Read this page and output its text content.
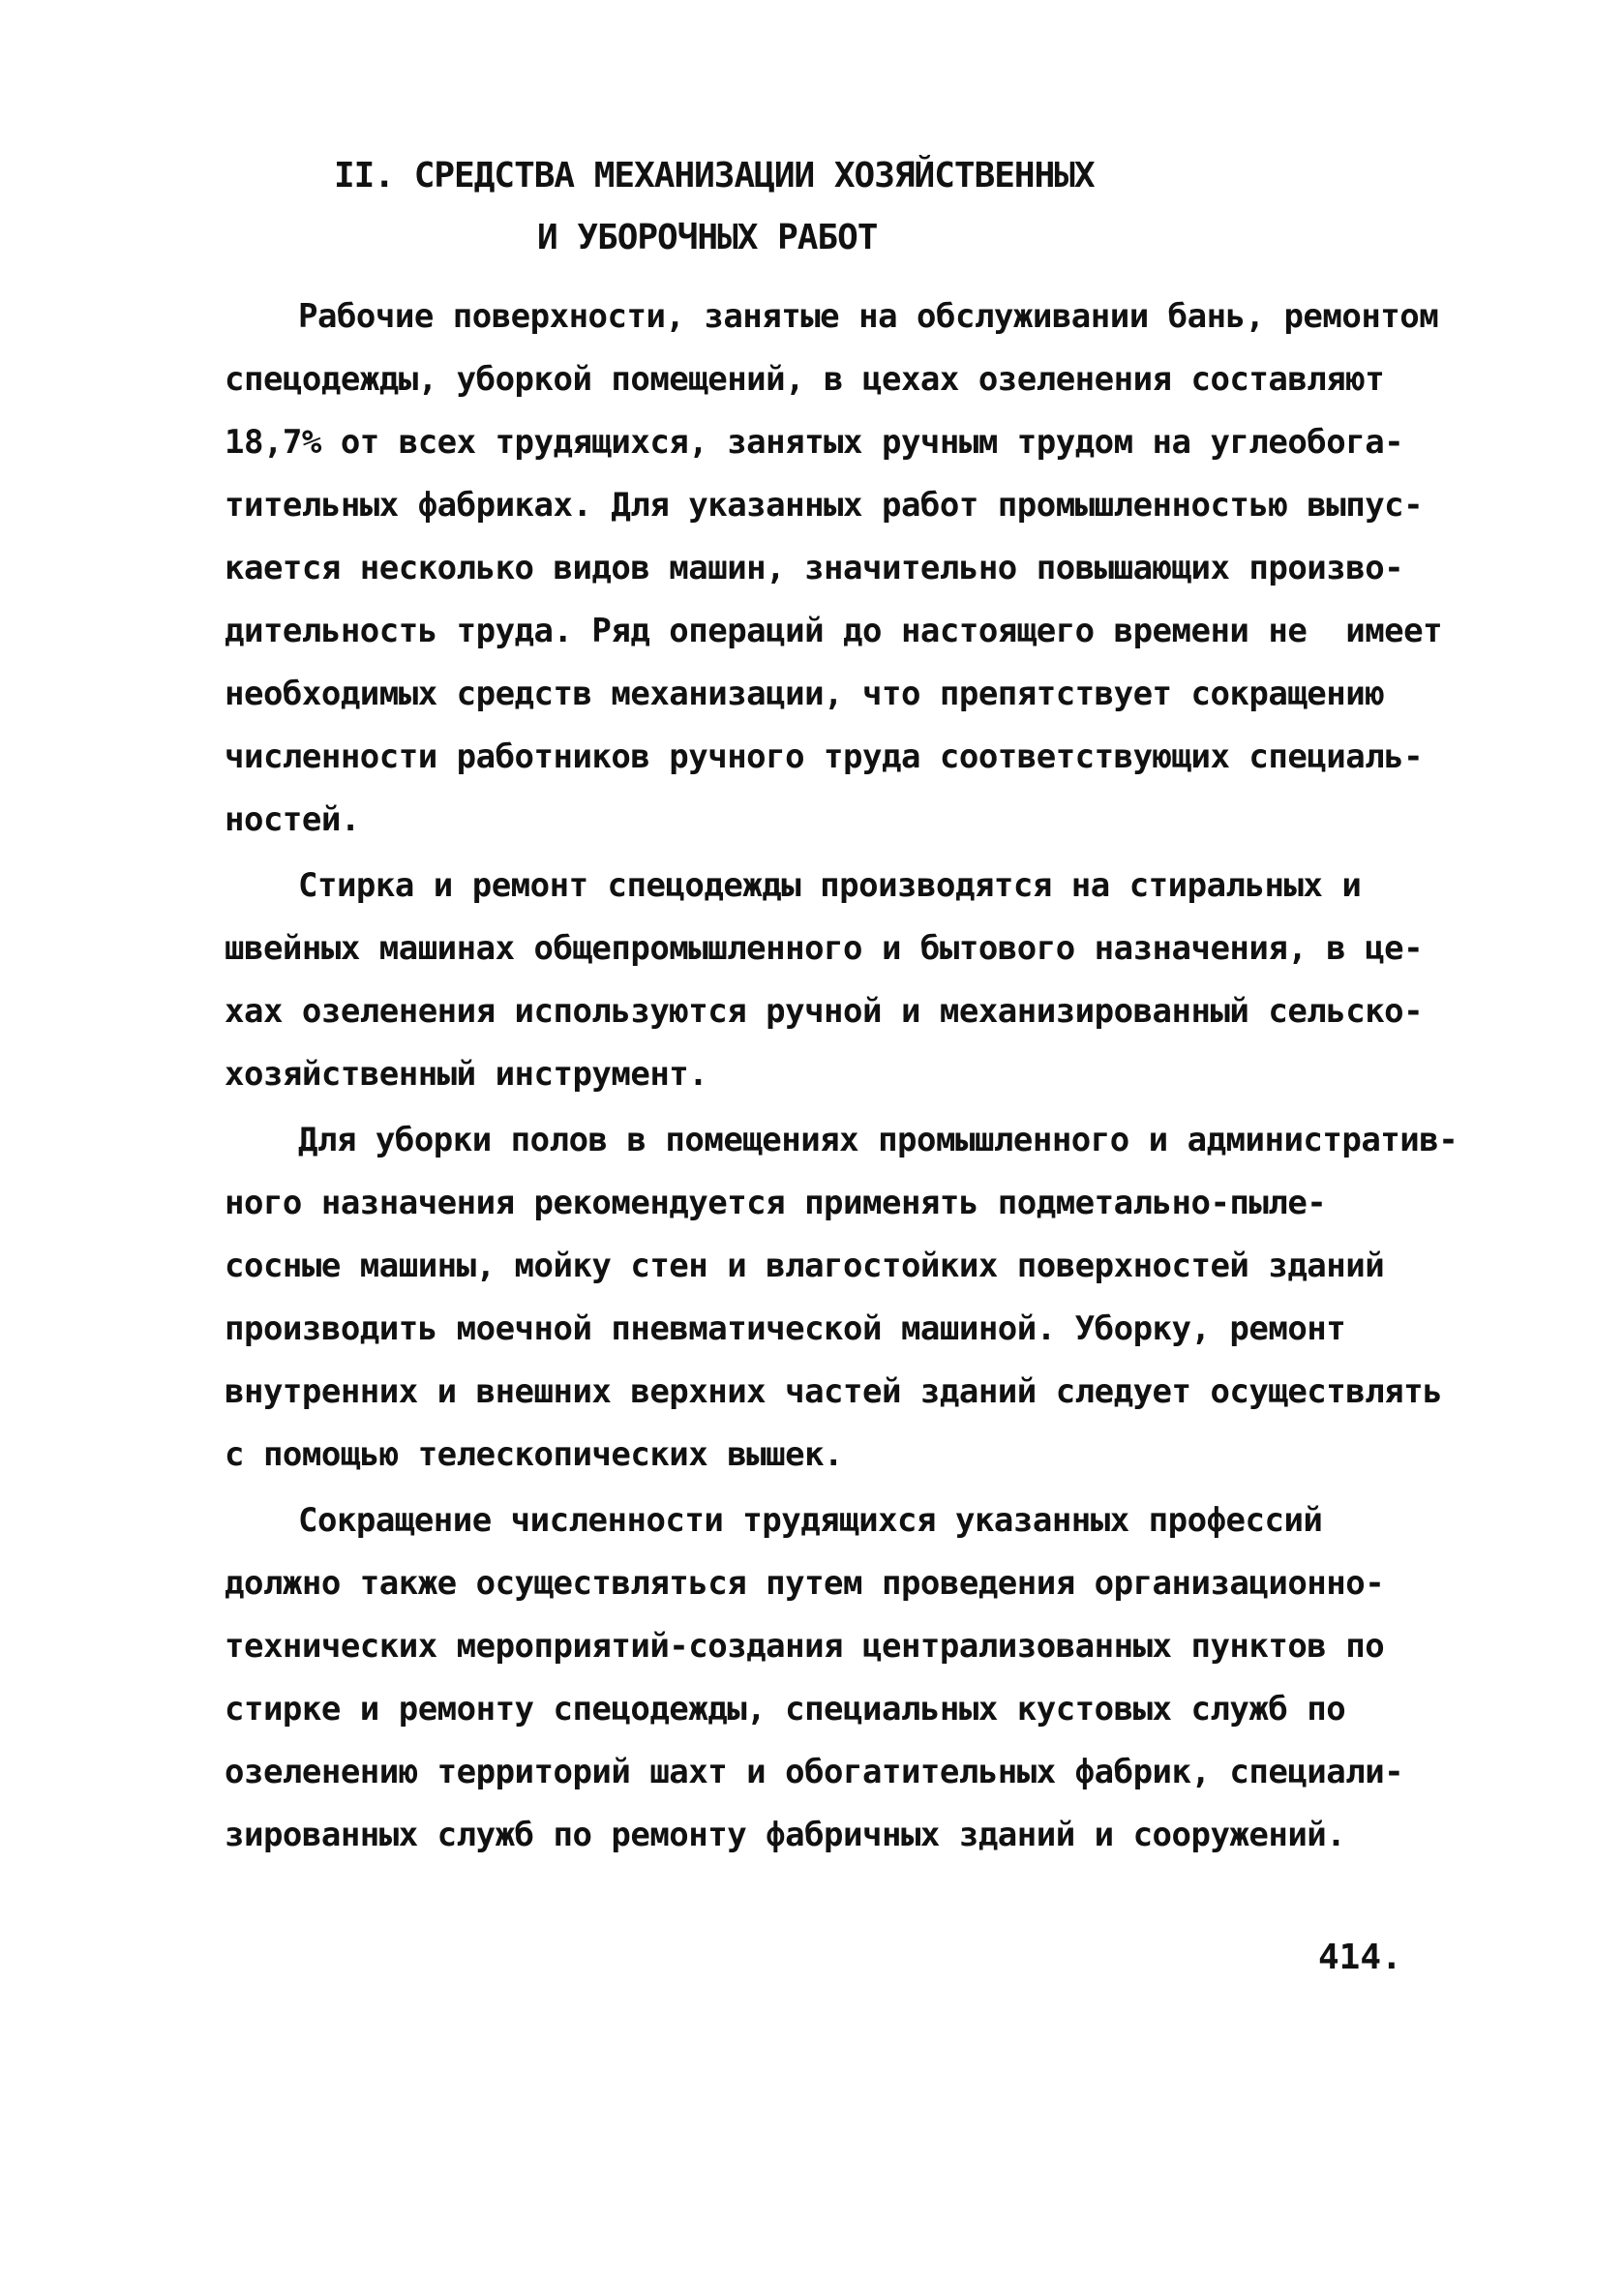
II. СРЕДСТВА МЕХАНИЗАЦИИ ХОЗЯЙСТВЕННЫХ
И УБОРОЧНЫХ РАБОТ
Рабочие поверхности, занятые на обслуживании бань, ремонтом
спецодежды, уборкой помещений, в цехах озеленения составляют
18,7% от всех трудящихся, занятых ручным трудом на углеобога-
тительных фабриках. Для указанных работ промышленностью выпус-
кается несколько видов машин, значительно повышающих произво-
дительность труда. Ряд операций до настоящего времени не  имеет
необходимых средств механизации, что препятствует сокращению
численности работников ручного труда соответствующих специаль-
ностей.
Стирка и ремонт спецодежды производятся на стиральных и
швейных машинах общепромышленного и бытового назначения, в це-
хах озеленения используются ручной и механизированный сельско-
хозяйственный инструмент.
Для уборки полов в помещениях промышленного и административ-
ного назначения рекомендуется применять подметально-пыле-
сосные машины, мойку стен и влагостойких поверхностей зданий
производить моечной пневматической машиной. Уборку, ремонт
внутренних и внешних верхних частей зданий следует осуществлять
с помощью телескопических вышек.
Сокращение численности трудящихся указанных профессий
должно также осуществляться путем проведения организационно-
технических мероприятий-создания централизованных пунктов по
стирке и ремонту спецодежды, специальных кустовых служб по
озеленению территорий шахт и обогатительных фабрик, специали-
зированных служб по ремонту фабричных зданий и сооружений.
414.
